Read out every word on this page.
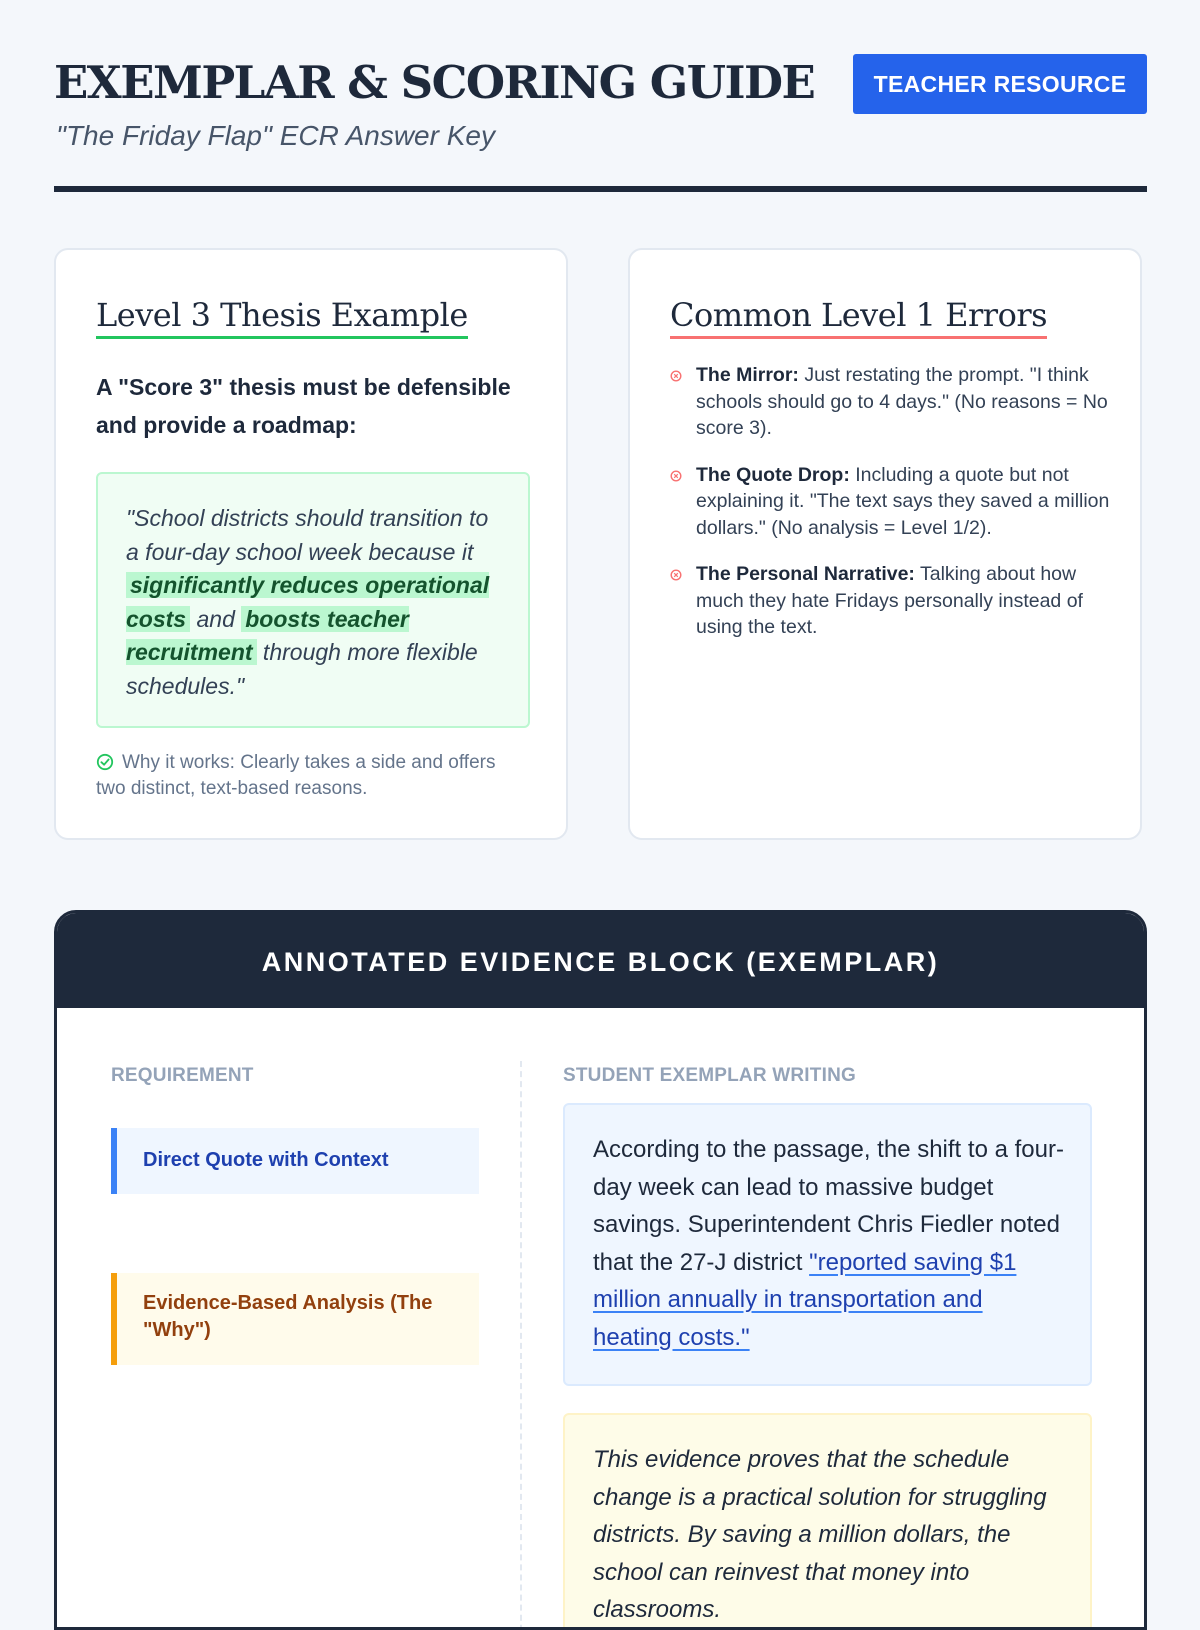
EXEMPLAR & SCORING GUIDE

"The Friday Flap" ECR Answer Key

TEACHER RESOURCE
Level 3 Thesis Example

A "Score 3" thesis must be defensible and provide a roadmap:

"School districts should transition to a four-day school week because it significantly reduces operational costs and boosts teacher recruitment through more flexible schedules."

Why it works: Clearly takes a side and offers two distinct, text-based reasons.

Common Level 1 Errors
The Mirror: Just restating the prompt. "I think schools should go to 4 days." (No reasons = No score 3).
The Quote Drop: Including a quote but not explaining it. "The text says they saved a million dollars." (No analysis = Level 1/2).
The Personal Narrative: Talking about how much they hate Fridays personally instead of using the text.
ANNOTATED EVIDENCE BLOCK (EXEMPLAR)
REQUIREMENT	STUDENT EXEMPLAR WRITING
Direct Quote with Context
Evidence-Based Analysis (The "Why")

According to the passage, the shift to a four-day week can lead to massive budget savings. Superintendent Chris Fiedler noted that the 27-J district "reported saving $1 million annually in transportation and heating costs."

This evidence proves that the schedule change is a practical solution for struggling districts. By saving a million dollars, the school can reinvest that money into classrooms.
